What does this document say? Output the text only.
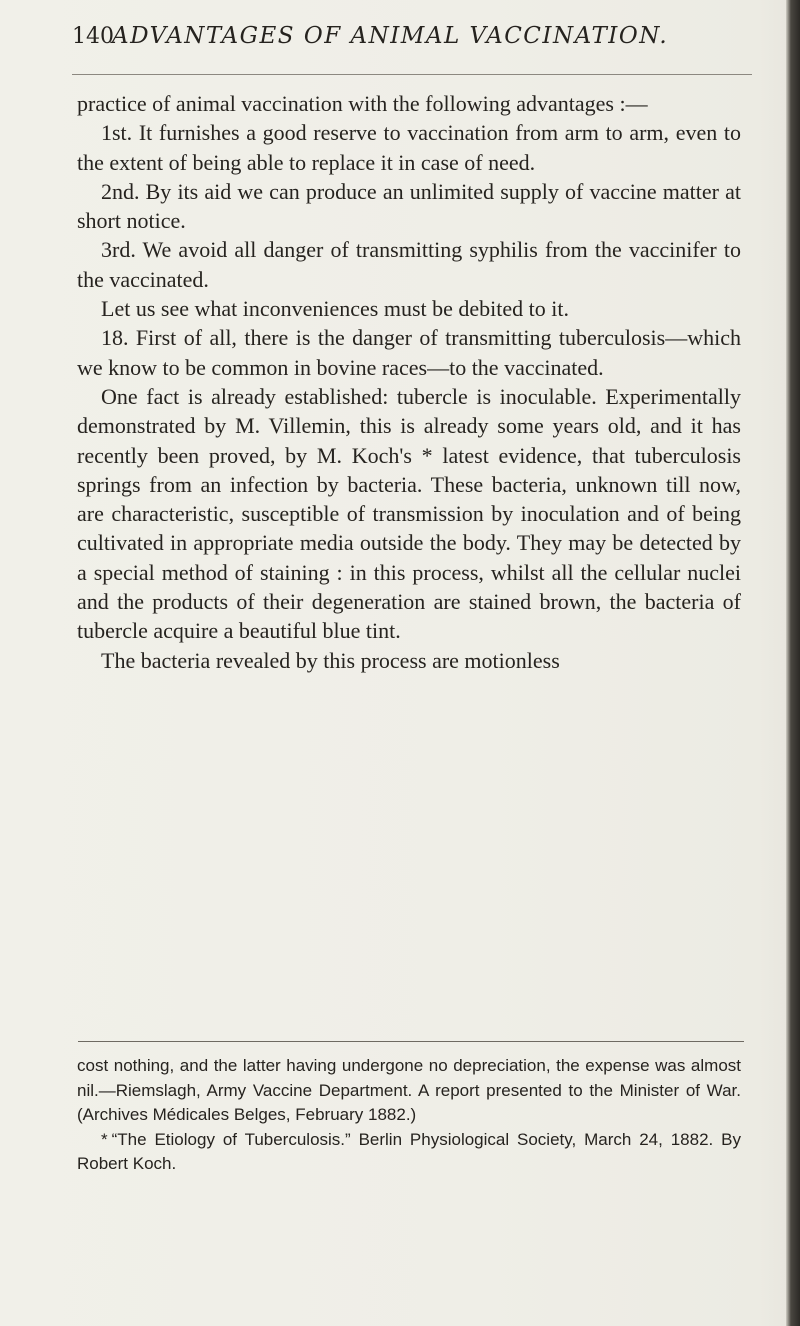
140
ADVANTAGES OF ANIMAL VACCINATION.

practice of animal vaccination with the following advantages :—

1st. It furnishes a good reserve to vaccination from arm to arm, even to the extent of being able to replace it in case of need.

2nd. By its aid we can produce an unlimited supply of vaccine matter at short notice.

3rd. We avoid all danger of transmitting syphilis from the vaccinifer to the vaccinated.

Let us see what inconveniences must be debited to it.

18. First of all, there is the danger of transmitting tuberculosis—which we know to be common in bovine races—to the vaccinated.

One fact is already established: tubercle is inoculable. Experimentally demonstrated by M. Villemin, this is already some years old, and it has recently been proved, by M. Koch's * latest evidence, that tuberculosis springs from an infection by bacteria. These bacteria, unknown till now, are characteristic, susceptible of transmission by inoculation and of being cultivated in appropriate media outside the body. They may be detected by a special method of staining : in this process, whilst all the cellular nuclei and the products of their degeneration are stained brown, the bacteria of tubercle acquire a beautiful blue tint.

The bacteria revealed by this process are motionless

cost nothing, and the latter having undergone no depreciation, the expense was almost nil.—Riemslagh, Army Vaccine Department. A report presented to the Minister of War. (Archives Médicales Belges, February 1882.)

* “The Etiology of Tuberculosis.” Berlin Physiological Society, March 24, 1882. By Robert Koch.
